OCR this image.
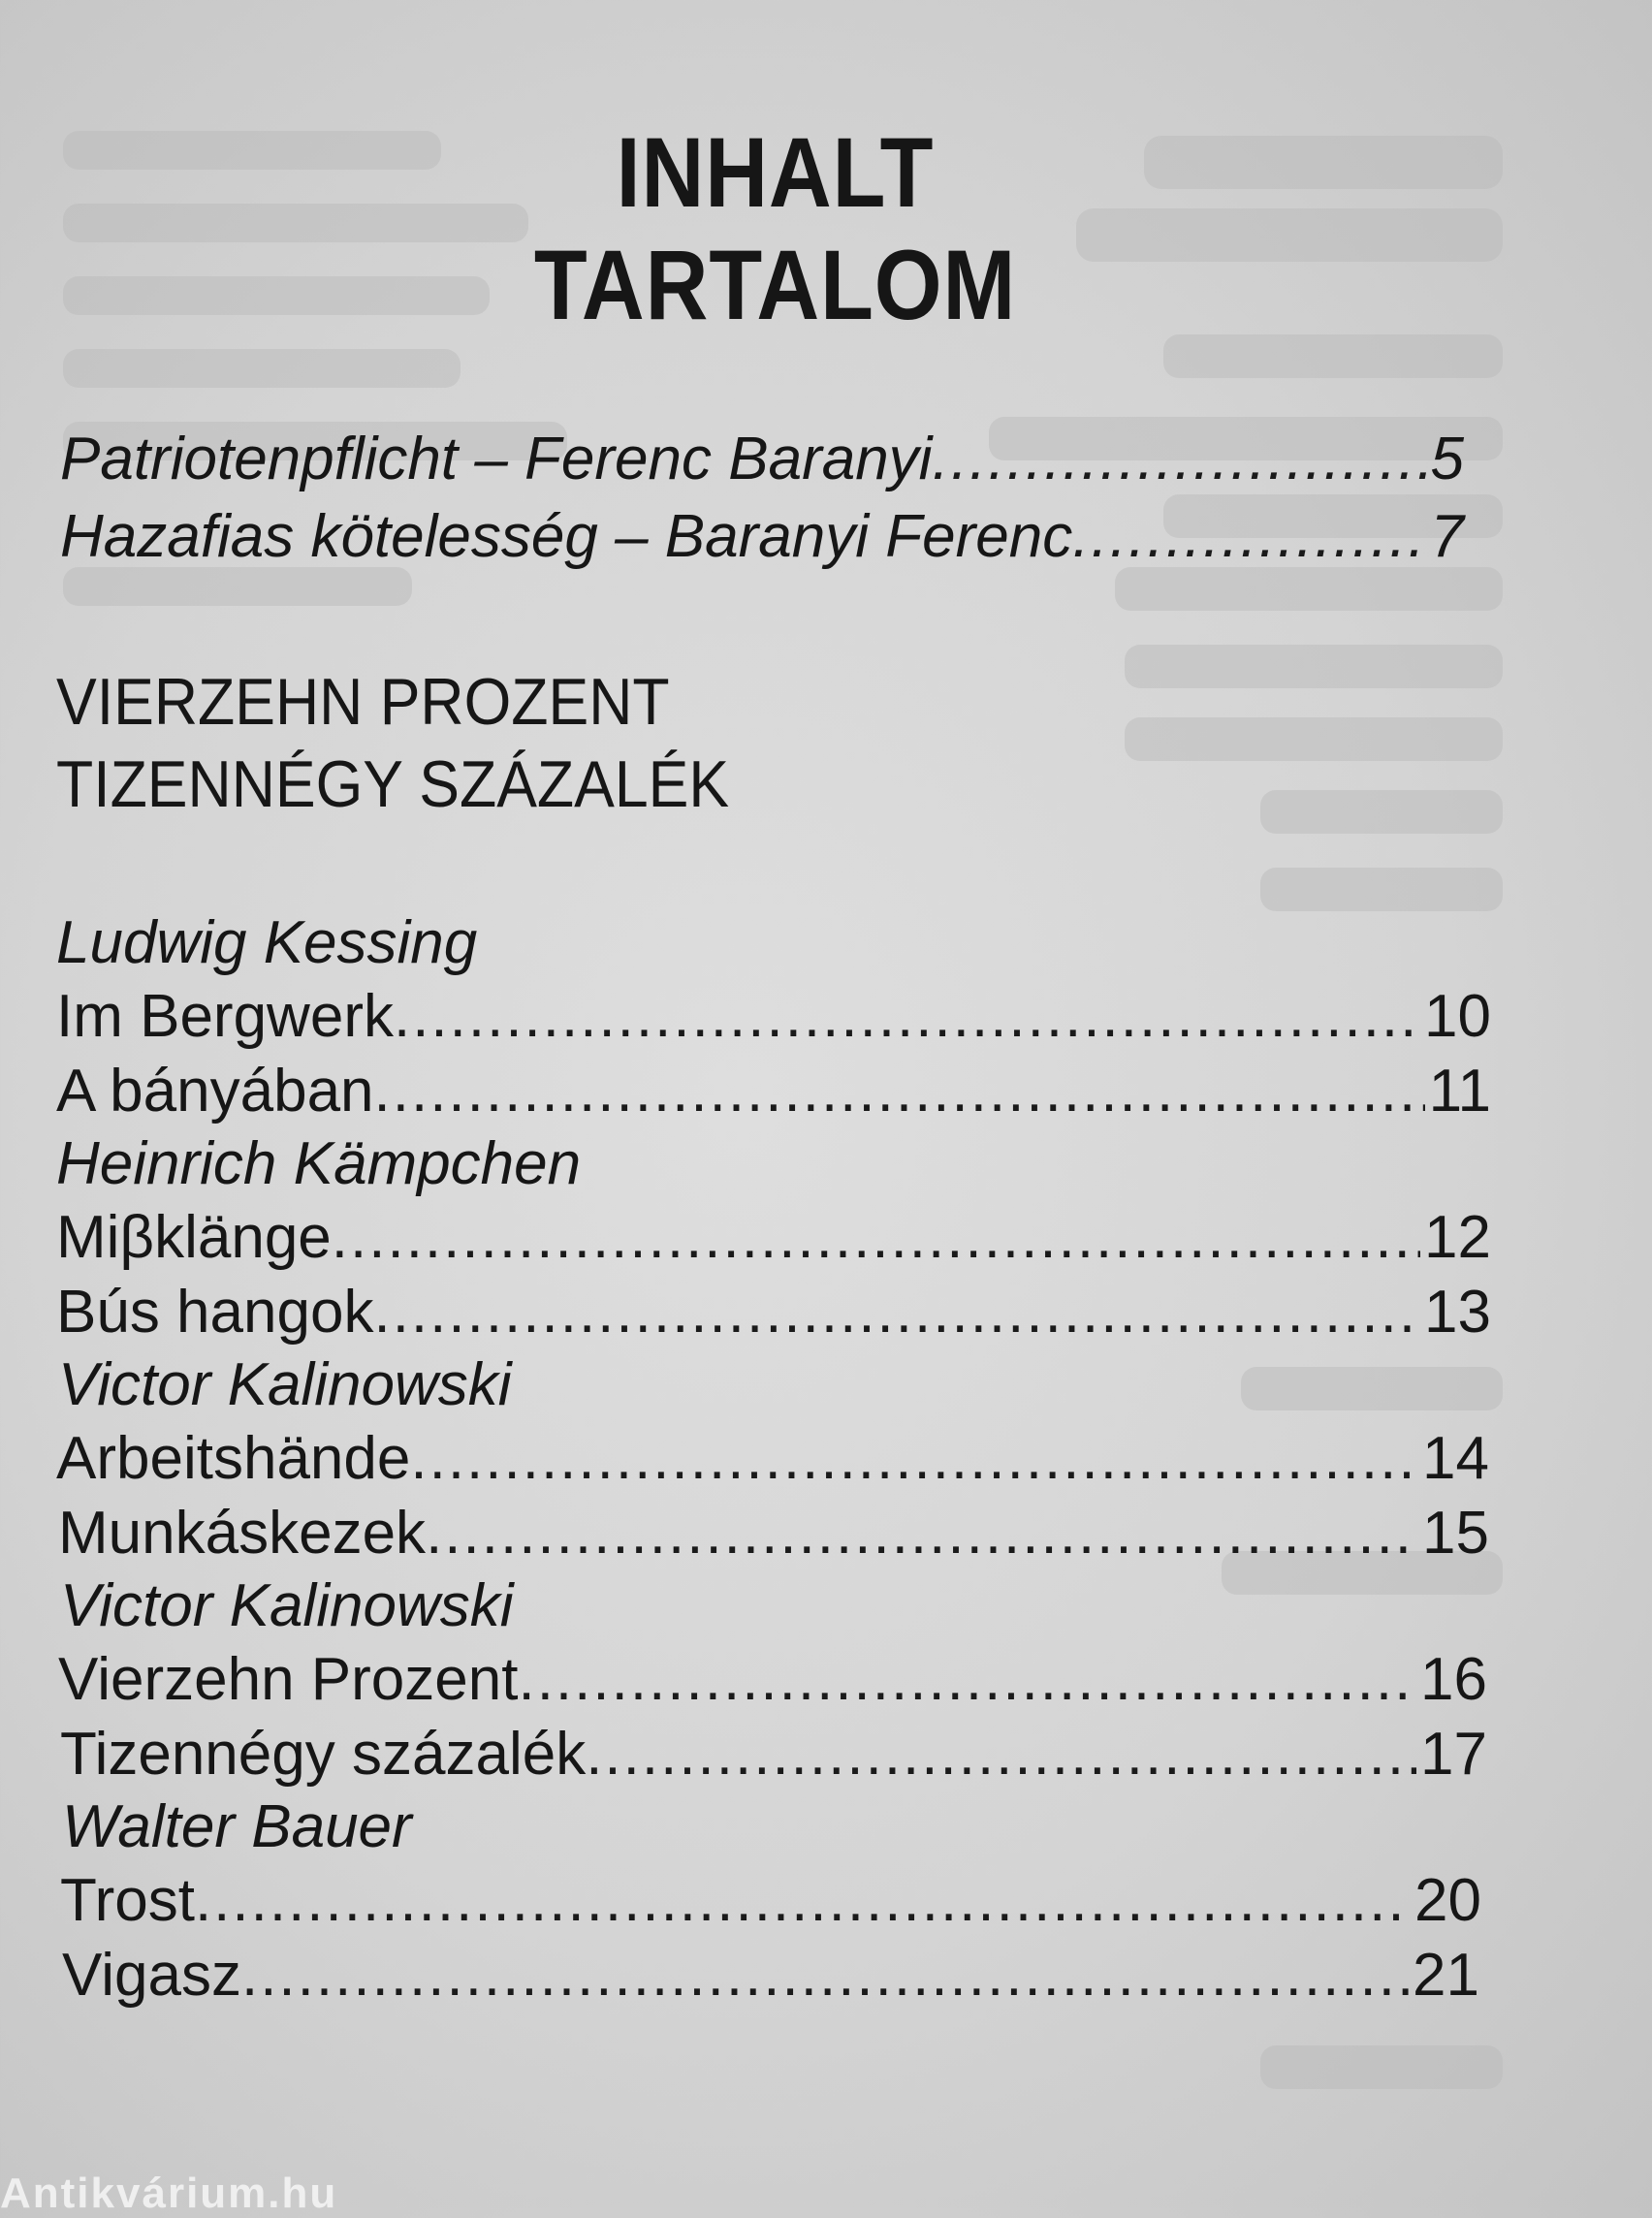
INHALT
TARTALOM
Patriotenpflicht – Ferenc Baranyi .....	5
Hazafias kötelesség – Baranyi Ferenc .....	7
VIERZEHN PROZENT
TIZENNÉGY SZÁZALÉK
Ludwig Kessing
Im Bergwerk .....	10
A bányában .....	11
Heinrich Kämpchen
Miβklänge .....	12
Bús hangok .....	13
Victor Kalinowski
Arbeitshände .....	14
Munkáskezek .....	15
Victor Kalinowski
Vierzehn Prozent .....	16
Tizennégy százalék .....	17
Walter Bauer
Trost .....	20
Vigasz .....	21
Antikvárium.hu
